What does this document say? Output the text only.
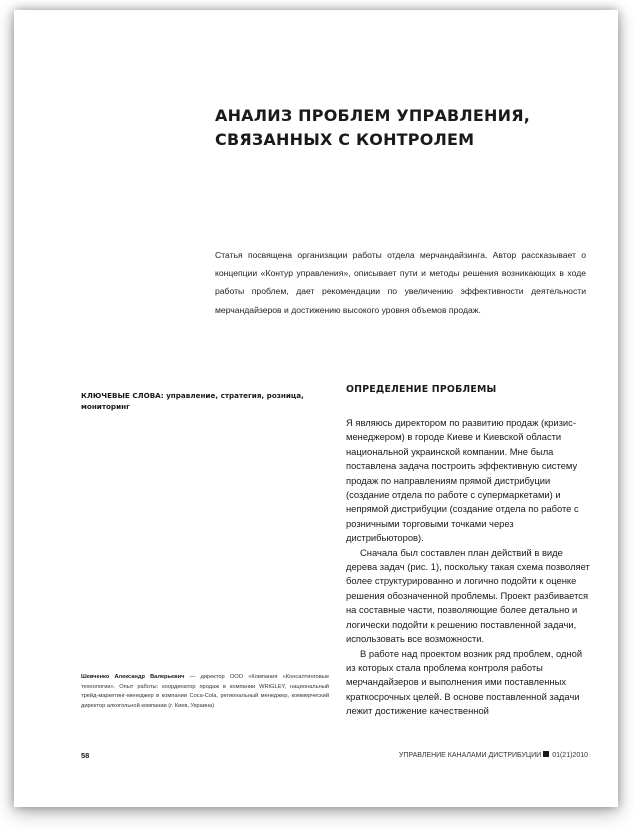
АНАЛИЗ ПРОБЛЕМ УПРАВЛЕНИЯ,
СВЯЗАННЫХ С КОНТРОЛЕМ

Статья посвящена организации работы отдела мерчандайзинга. Автор рассказывает о концепции «Контур управления», описывает пути и методы решения возникающих в ходе работы проблем, дает рекомендации по увеличению эффективности деятельности мерчандайзеров и достижению высокого уровня объемов продаж.

КЛЮЧЕВЫЕ СЛОВА: управление, стратегия, розница, мониторинг

Шевченко Александр Валерьевич — директор ООО «Компания «Консалтинговые технологии». Опыт работы: координатор продаж в компании WRIGLEY, национальный трейд-маркетинг-менеджер в компании Coca-Cola, региональный менеджер, коммерческий директор алкогольной компании (г. Киев, Украина)

ОПРЕДЕЛЕНИЕ ПРОБЛЕМЫ

Я являюсь директором по развитию продаж (кризис-менеджером) в городе Киеве и Киевской области национальной украинской компании. Мне была поставлена задача построить эффективную систему продаж по направлениям прямой дистрибуции (создание отдела по работе с супермаркетами) и непрямой дистрибуции (создание отдела по работе с розничными торговыми точками через дистрибьюторов).

Сначала был составлен план действий в виде дерева задач (рис. 1), поскольку такая схема позволяет более структурированно и логично подойти к оценке решения обозначенной проблемы. Проект разбивается на составные части, позволяющие более детально и логически подойти к решению поставленной задачи, использовать все возможности.

В работе над проектом возник ряд проблем, одной из которых стала проблема контроля работы мерчандайзеров и выполнения ими поставленных краткосрочных целей. В основе поставленной задачи лежит достижение качественной

58	УПРАВЛЕНИЕ КАНАЛАМИ ДИСТРИБУЦИИ 01(21)2010
